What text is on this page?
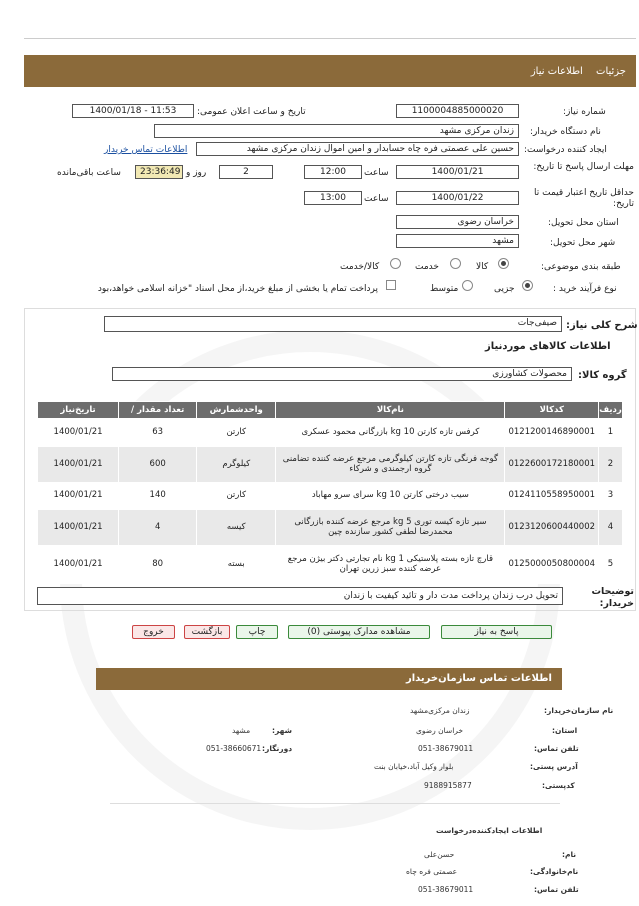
جزئیات اطلاعات نیاز
شماره نیاز:
1100004885000020
تاریخ و ساعت اعلان عمومی:
1400/01/18 - 11:53
نام دستگاه خریدار:
زندان مرکزی مشهد
ایجاد کننده درخواست:
حسین علی عصمتی فره چاه حسابدار و امین اموال زندان مرکزی مشهد
اطلاعات تماس خریدار
مهلت ارسال پاسخ تا تاریخ:
1400/01/21
ساعت
12:00
2
روز و
23:36:49
ساعت باقی‌مانده
حداقل تاریخ اعتبار قیمت تا تاریخ:
1400/01/22
ساعت
13:00
استان محل تحویل:
خراسان رضوی
شهر محل تحویل:
مشهد
طبقه بندی موضوعی:
کالا
خدمت
کالا/خدمت
نوع فرآیند خرید :
جزیی
متوسط
پرداخت تمام یا بخشی از مبلغ خرید،از محل اسناد "خزانه اسلامی خواهد،بود
شرح کلی نیاز:
صیفی‌جات
اطلاعات کالاهای موردنیاز
گروه کالا:
محصولات کشاورزی
ردیف	کدکالا	نام‌کالا	واحدشمارش	تعداد مقدار /	تاریخ‌نیاز
1	0121200146890001	کرفس تازه کارتن 10 kg بازرگانی محمود عسکری	کارتن	63	1400/01/21
2	0122600172180001	گوجه فرنگی تازه کارتن کیلوگرمی مرجع عرضه کننده تضامنی گروه ارجمندی و شرکاء	کیلوگرم	600	1400/01/21
3	0124110558950001	سیب درختی کارتن 10 kg سرای سرو مهاباد	کارتن	140	1400/01/21
4	0123120600440002	سیر تازه کیسه توری 5 kg مرجع عرضه کننده بازرگانی محمدرضا لطفی کشور سازنده چین	کیسه	4	1400/01/21
5	0125000050800004	قارچ تازه بسته پلاستیکی 1 kg نام تجارتی دکتر بیژن مرجع عرضه کننده سبز زرین تهران	بسته	80	1400/01/21
توضیحات خریدار:
تحویل درب زندان پرداخت مدت دار و تائید کیفیت با زندان
پاسخ به نیاز
مشاهده مدارک پیوستی (0)
چاپ
بازگشت
خروج
اطلاعات تماس سازمان‌خریدار
نام سازمان‌خریدار:
زندان مرکزی‌مشهد
استان:
خراسان رضوی
شهر:
مشهد
تلفن تماس:
051-38679011
دورنگار:
051-38660671
آدرس پستی:
بلوار وکیل آباد،خیابان بنت
کدپستی:
9188915877
اطلاعات ایجادکننده‌درخواست
نام:
حسن‌علی
نام‌خانوادگی:
عصمتی فره چاه
تلفن تماس:
051-38679011
